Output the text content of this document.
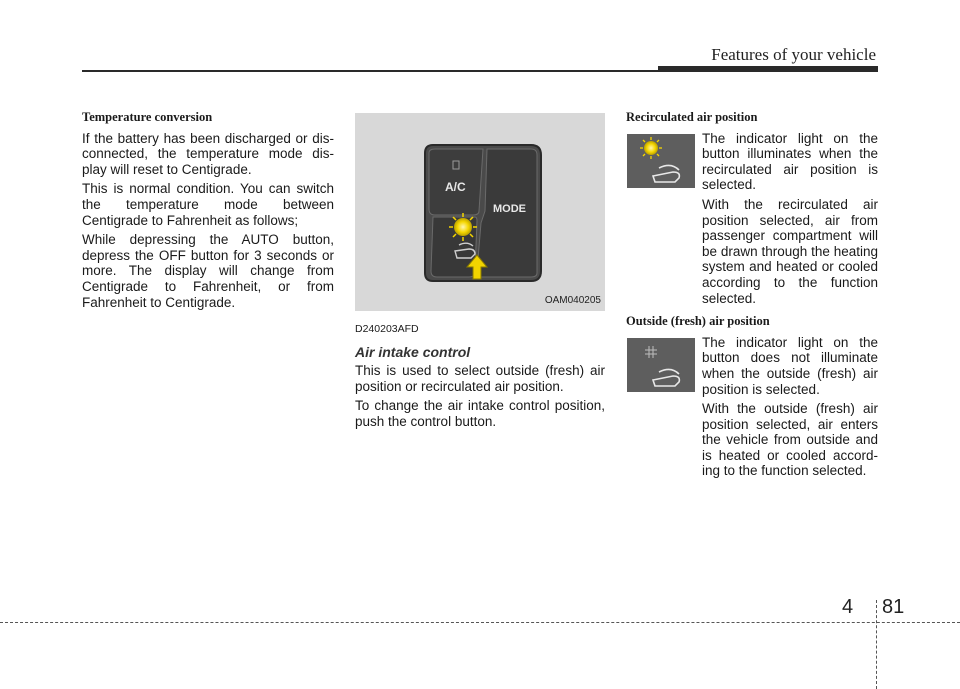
Features of your vehicle
Temperature conversion

If the battery has been discharged or dis- connected, the temperature mode dis- play will reset to Centigrade.

This is normal condition. You can switch the temperature mode between Centigrade to Fahrenheit as follows;

While depressing the AUTO button, depress the OFF button for 3 seconds or more. The display will change from Centigrade to Fahrenheit, or from Fahrenheit to Centigrade.

A/C
MODE
OAM040205
D240203AFD
Air intake control

This is used to select outside (fresh) air position or recirculated air position.

To change the air intake control position, push the control button.

Recirculated air position

The indicator light on the button illuminates when the recirculated air position is selected.

With the recirculated air position selected, air from passenger compartment will be drawn through the heating system and heated or cooled according to the function selected.

Outside (fresh) air position

The indicator light on the button does not illuminate when the outside (fresh) air position is selected.

With the outside (fresh) air position selected, air enters the vehicle from outside and is heated or cooled accord- ing to the function selected.

4 81
